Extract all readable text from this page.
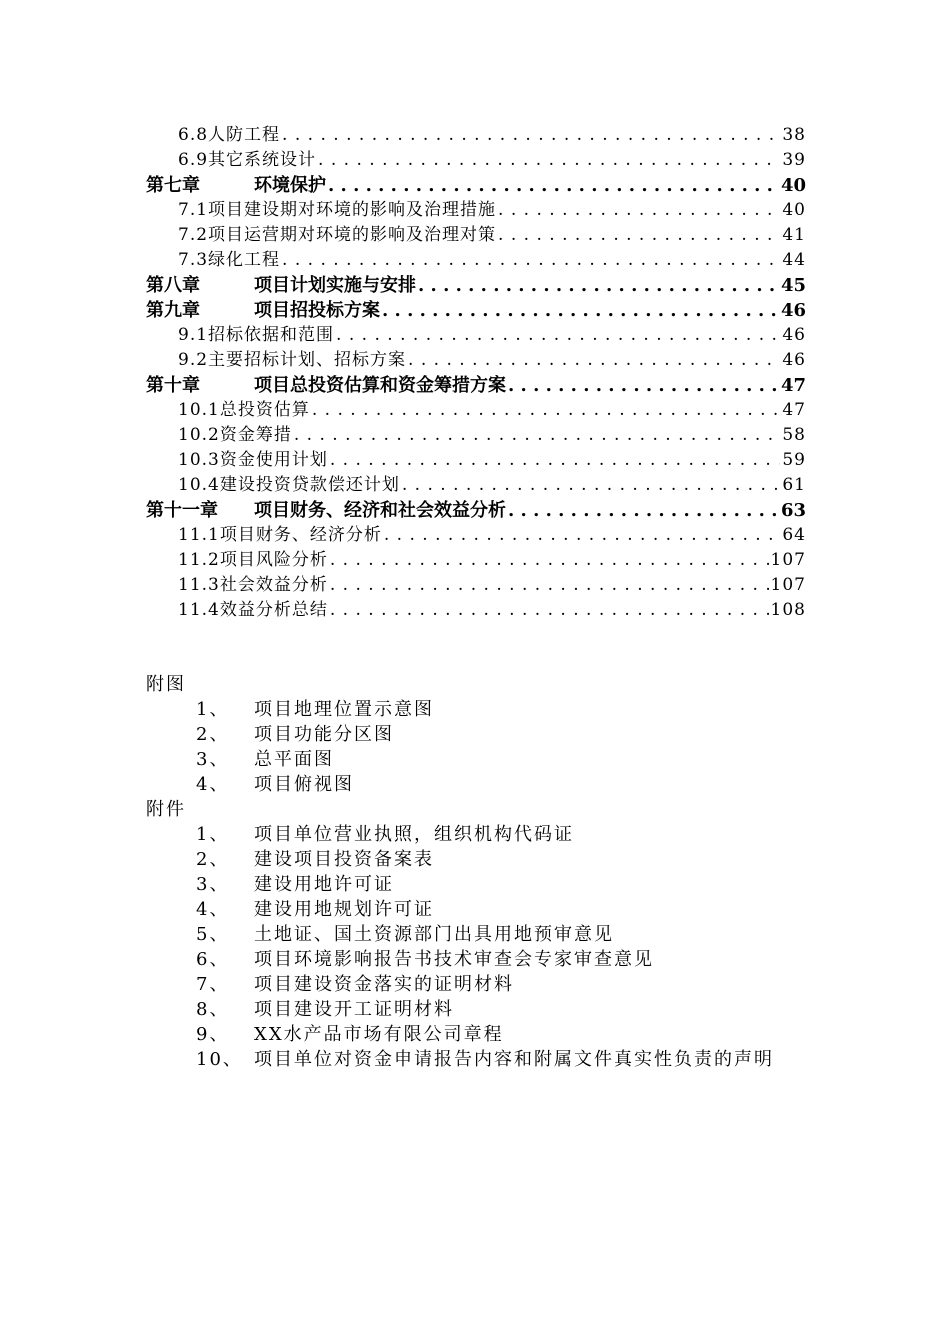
6.8人防工程 . . .	38
6.9其它系统设计 . . .	39
第七章	环境保护 . . .	40
7.1项目建设期对环境的影响及治理措施 . . .	40
7.2项目运营期对环境的影响及治理对策 . . .	41
7.3绿化工程 . . .	44
第八章	项目计划实施与安排 . . .	45
第九章	项目招投标方案 . . .	46
9.1招标依据和范围 . . .	46
9.2主要招标计划、招标方案 . . .	46
第十章	项目总投资估算和资金筹措方案 . . .	47
10.1总投资估算 . . .	47
10.2资金筹措 . . .	58
10.3资金使用计划 . . .	59
10.4建设投资贷款偿还计划 . . .	61
第十一章	项目财务、经济和社会效益分析 . . .	63
11.1项目财务、经济分析 . . .	64
11.2项目风险分析 . . .	107
11.3社会效益分析 . . .	107
11.4效益分析总结 . . .	108
附图
1、	项目地理位置示意图
2、	项目功能分区图
3、	总平面图
4、	项目俯视图
附件
1、	项目单位营业执照，组织机构代码证
2、	建设项目投资备案表
3、	建设用地许可证
4、	建设用地规划许可证
5、	土地证、国土资源部门出具用地预审意见
6、	项目环境影响报告书技术审查会专家审查意见
7、	项目建设资金落实的证明材料
8、	项目建设开工证明材料
9、	XX水产品市场有限公司章程
10、 项目单位对资金申请报告内容和附属文件真实性负责的声明
